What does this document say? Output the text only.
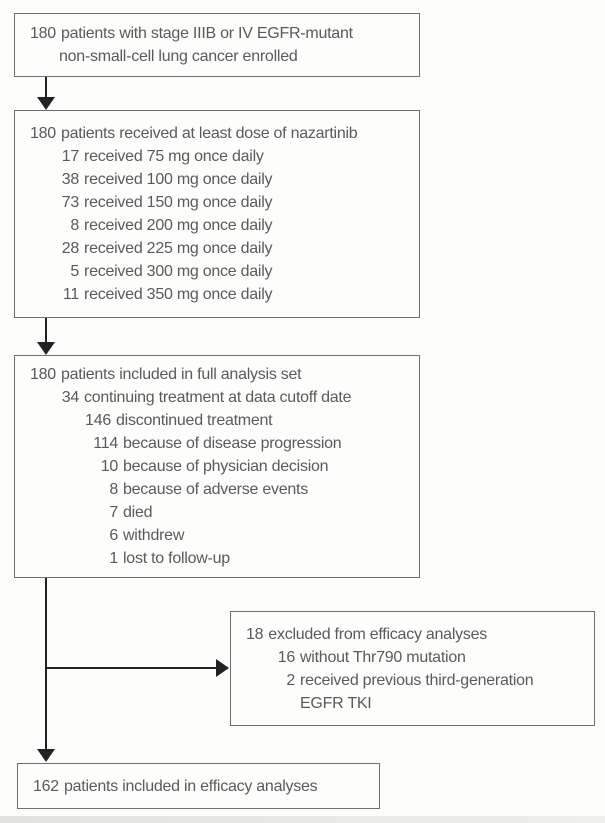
180 patients with stage IIIB or IV EGFR-mutant
non-small-cell lung cancer enrolled
180 patients received at least dose of nazartinib
17 received 75 mg once daily
38 received 100 mg once daily
73 received 150 mg once daily
8 received 200 mg once daily
28 received 225 mg once daily
5 received 300 mg once daily
11 received 350 mg once daily
180 patients included in full analysis set
34 continuing treatment at data cutoff date
146 discontinued treatment
114 because of disease progression
10 because of physician decision
8 because of adverse events
7 died
6 withdrew
1 lost to follow-up
18 excluded from efficacy analyses
16 without Thr790 mutation
2 received previous third-generation
EGFR TKI
162 patients included in efficacy analyses
